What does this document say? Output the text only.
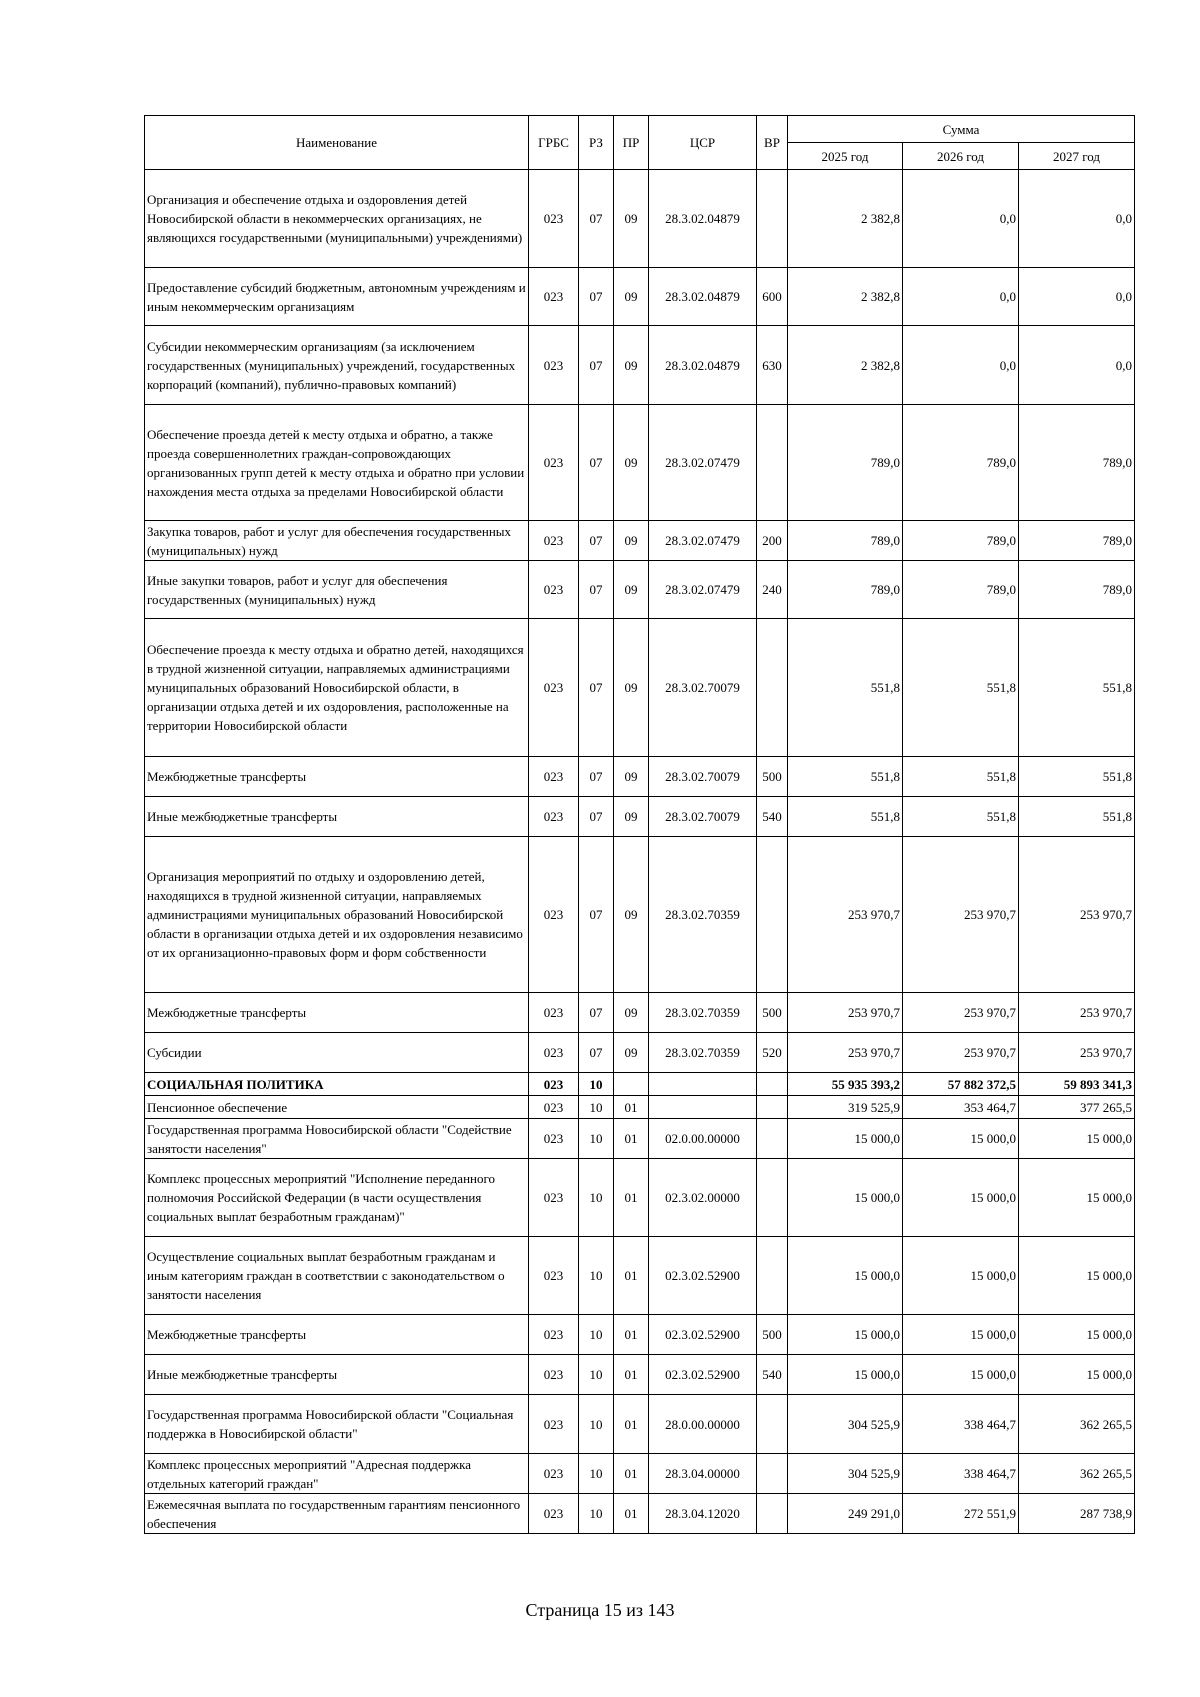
Наименование	ГРБС	РЗ	ПР	ЦСР	ВР	Сумма		
						2025 год	2026 год	2027 год
Организация и обеспечение отдыха и оздоровления детей Новосибирской области в некоммерческих организациях, не являющихся государственными (муниципальными) учреждениями)	023	07	09	28.3.02.04879		2 382,8	0,0	0,0
Предоставление субсидий бюджетным, автономным учреждениям и иным некоммерческим организациям	023	07	09	28.3.02.04879	600	2 382,8	0,0	0,0
Субсидии некоммерческим организациям (за исключением государственных (муниципальных) учреждений, государственных корпораций (компаний), публично-правовых компаний)	023	07	09	28.3.02.04879	630	2 382,8	0,0	0,0
Обеспечение проезда детей к месту отдыха и обратно, а также проезда совершеннолетних граждан-сопровождающих организованных групп детей к месту отдыха и обратно при условии нахождения места отдыха за пределами Новосибирской области	023	07	09	28.3.02.07479		789,0	789,0	789,0
Закупка товаров, работ и услуг для обеспечения государственных (муниципальных) нужд	023	07	09	28.3.02.07479	200	789,0	789,0	789,0
Иные закупки товаров, работ и услуг для обеспечения государственных (муниципальных) нужд	023	07	09	28.3.02.07479	240	789,0	789,0	789,0
Обеспечение проезда к месту отдыха и обратно детей, находящихся в трудной жизненной ситуации, направляемых администрациями муниципальных образований Новосибирской области, в организации отдыха детей и их оздоровления, расположенные на территории Новосибирской области	023	07	09	28.3.02.70079		551,8	551,8	551,8
Межбюджетные трансферты	023	07	09	28.3.02.70079	500	551,8	551,8	551,8
Иные межбюджетные трансферты	023	07	09	28.3.02.70079	540	551,8	551,8	551,8
Организация мероприятий по отдыху и оздоровлению детей, находящихся в трудной жизненной ситуации, направляемых администрациями муниципальных образований Новосибирской области в организации отдыха детей и их оздоровления независимо от их организационно-правовых форм и форм собственности	023	07	09	28.3.02.70359		253 970,7	253 970,7	253 970,7
Межбюджетные трансферты	023	07	09	28.3.02.70359	500	253 970,7	253 970,7	253 970,7
Субсидии	023	07	09	28.3.02.70359	520	253 970,7	253 970,7	253 970,7
СОЦИАЛЬНАЯ ПОЛИТИКА	023	10				55 935 393,2	57 882 372,5	59 893 341,3
Пенсионное обеспечение	023	10	01			319 525,9	353 464,7	377 265,5
Государственная программа Новосибирской области "Содействие занятости населения"	023	10	01	02.0.00.00000		15 000,0	15 000,0	15 000,0
Комплекс процессных мероприятий "Исполнение переданного полномочия Российской Федерации (в части осуществления социальных выплат безработным гражданам)"	023	10	01	02.3.02.00000		15 000,0	15 000,0	15 000,0
Осуществление социальных выплат безработным гражданам и иным категориям граждан в соответствии с законодательством о занятости населения	023	10	01	02.3.02.52900		15 000,0	15 000,0	15 000,0
Межбюджетные трансферты	023	10	01	02.3.02.52900	500	15 000,0	15 000,0	15 000,0
Иные межбюджетные трансферты	023	10	01	02.3.02.52900	540	15 000,0	15 000,0	15 000,0
Государственная программа Новосибирской области "Социальная поддержка в Новосибирской области"	023	10	01	28.0.00.00000		304 525,9	338 464,7	362 265,5
Комплекс процессных мероприятий "Адресная поддержка отдельных категорий граждан"	023	10	01	28.3.04.00000		304 525,9	338 464,7	362 265,5
Ежемесячная выплата по государственным гарантиям пенсионного обеспечения	023	10	01	28.3.04.12020		249 291,0	272 551,9	287 738,9
Страница 15 из 143
